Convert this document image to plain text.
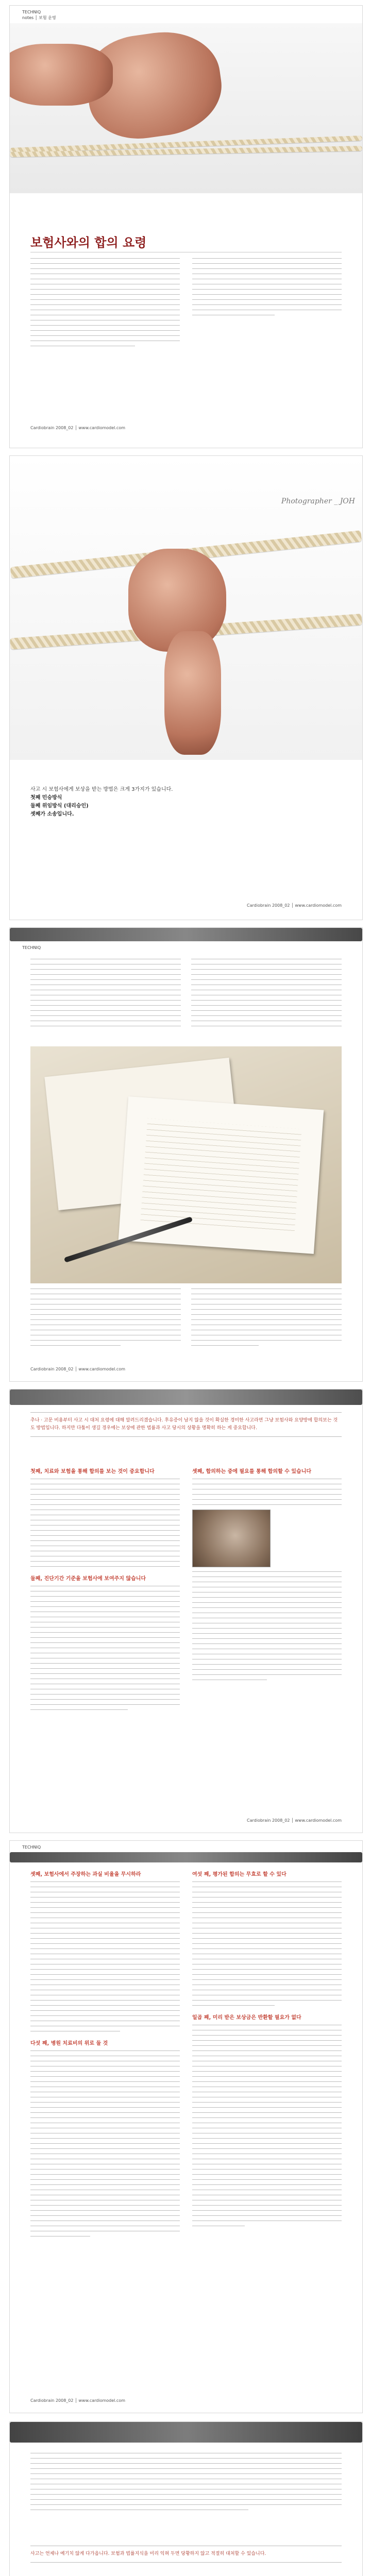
TECHNIQ
notes │ 보험 운영
보험사와의 합의 요령
Cardiobrain 2008_02 │ www.cardiomodel.com
Photographer _ JOH
사고 시 보험사에게 보상을 받는 방법은 크게 3가지가 있습니다.
첫째 민승방식
둘째 위임방식 (대리승인)
셋째가 소송입니다.
Cardiobrain 2008_02 │ www.cardiomodel.com
TECHNIQ
Cardiobrain 2008_02 │ www.cardiomodel.com
추나 · 고문 비용부터 사고 시 대처 요령에 대해 알려드리겠습니다. 후유증이 남지 않을 것이 확실한 경미한 사고라면 그냥 보험사와 요양방에 합의보는 것도 방법입니다. 하지만 다툼이 생길 경우에는 보상에 관한 법률과 사고 당시의 상황을 명확히 하는 게 중요합니다.
첫째, 치료와 보험을 통해 합의를 보는 것이 중요합니다
둘째, 진단기간 기준을 보험사에 보여주지 않습니다
셋째, 합의하는 중에 필요를 통해 합의할 수 있습니다
Cardiobrain 2008_02 │ www.cardiomodel.com
TECHNIQ
셋째, 보험사에서 주장하는 과실 비율을 무시하라
다섯 째, 병원 치료비의 위로 둘 것
여섯 째, 평가된 합의는 무효로 할 수 있다
일곱 째, 미리 받은 보상금은 반환할 필요가 없다
Cardiobrain 2008_02 │ www.cardiomodel.com
사고는 언제나 예기치 않게 다가옵니다. 보험과 법률지식을 미리 익혀 두면 당황하지 않고 적절히 대처할 수 있습니다.
